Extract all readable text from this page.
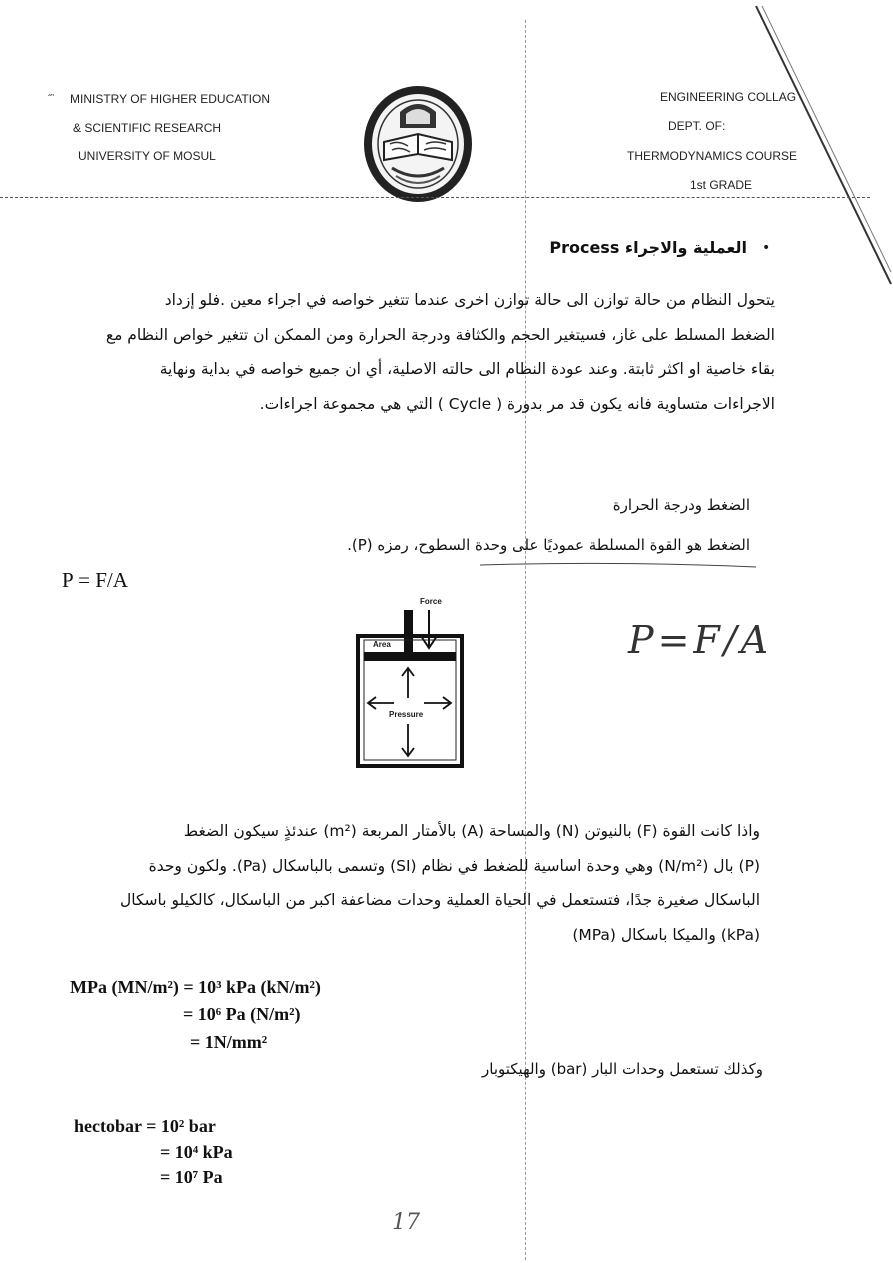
˝˙ MINISTRY OF HIGHER EDUCATION
& SCIENTIFIC RESEARCH
UNIVERSITY OF MOSUL
ENGINEERING COLLAG
DEPT. OF:
THERMODYNAMICS COURSE
1st GRADE
•
العملية والاجراء Process
يتحول النظام من حالة توازن الى حالة توازن اخرى عندما تتغير خواصه في اجراء معين .فلو إزداد
الضغط المسلط على غاز، فسيتغير الحجم والكثافة ودرجة الحرارة ومن الممكن ان تتغير خواص النظام مع
بقاء خاصية او اكثر ثابتة. وعند عودة النظام الى حالته الاصلية، أي ان جميع خواصه في بداية ونهاية
الاجراءات متساوية فانه يكون قد مر بدورة ( Cycle ) التي هي مجموعة اجراءات.
الضغط ودرجة الحرارة
الضغط هو القوة المسلطة عموديًا على وحدة السطوح، رمزه (P).
P = F/A
Force
Area
Pressure
P=F/A
واذا كانت القوة (F) بالنيوتن (N) والمساحة (A) بالأمتار المربعة (m²) عندئذٍ سيكون الضغط
(P) بال (N/m²) وهي وحدة اساسية للضغط في نظام (SI) وتسمى بالباسكال (Pa). ولكون وحدة
الباسكال صغيرة جدًا، فتستعمل في الحياة العملية وحدات مضاعفة اكبر من الباسكال، كالكيلو باسكال
(kPa) والميكا باسكال (MPa)
MPa (MN/m²) = 10³ kPa (kN/m²)
= 10⁶ Pa (N/m²)
= 1N/mm²
وكذلك تستعمل وحدات البار (bar) والهيكتوبار
hectobar = 10² bar
= 10⁴ kPa
= 10⁷ Pa
17
